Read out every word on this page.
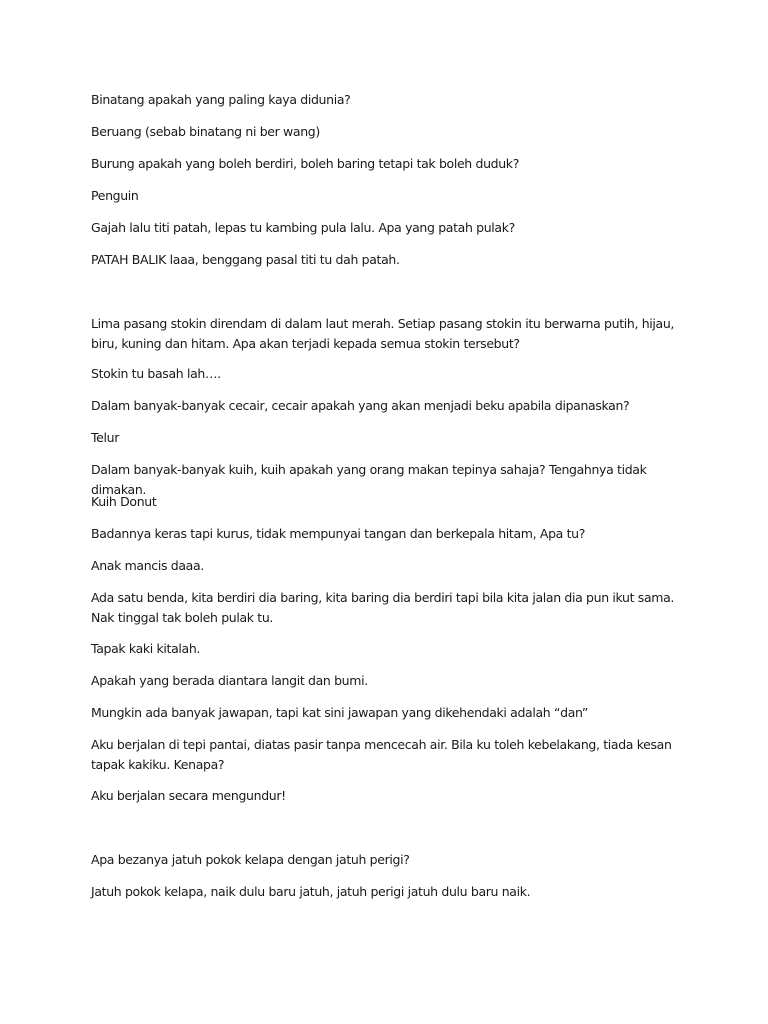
Binatang apakah yang paling kaya didunia?

Beruang (sebab binatang ni ber wang)

Burung apakah yang boleh berdiri, boleh baring tetapi tak boleh duduk?

Penguin

Gajah lalu titi patah, lepas tu kambing pula lalu. Apa yang patah pulak?

PATAH BALIK laaa, benggang pasal titi tu dah patah.

Lima pasang stokin direndam di dalam laut merah. Setiap pasang stokin itu berwarna putih, hijau, biru, kuning dan hitam. Apa akan terjadi kepada semua stokin tersebut?

Stokin tu basah lah….

Dalam banyak-banyak cecair, cecair apakah yang akan menjadi beku apabila dipanaskan?

Telur

Dalam banyak-banyak kuih, kuih apakah yang orang makan tepinya sahaja? Tengahnya tidak dimakan.

Kuih Donut

Badannya keras tapi kurus, tidak mempunyai tangan dan berkepala hitam, Apa tu?

Anak mancis daaa.

Ada satu benda, kita berdiri dia baring, kita baring dia berdiri tapi bila kita jalan dia pun ikut sama. Nak tinggal tak boleh pulak tu.

Tapak kaki kitalah.

Apakah yang berada diantara langit dan bumi.

Mungkin ada banyak jawapan, tapi kat sini jawapan yang dikehendaki adalah “dan”

Aku berjalan di tepi pantai, diatas pasir tanpa mencecah air. Bila ku toleh kebelakang, tiada kesan tapak kakiku. Kenapa?

Aku berjalan secara mengundur!

Apa bezanya jatuh pokok kelapa dengan jatuh perigi?

Jatuh pokok kelapa, naik dulu baru jatuh, jatuh perigi jatuh dulu baru naik.
